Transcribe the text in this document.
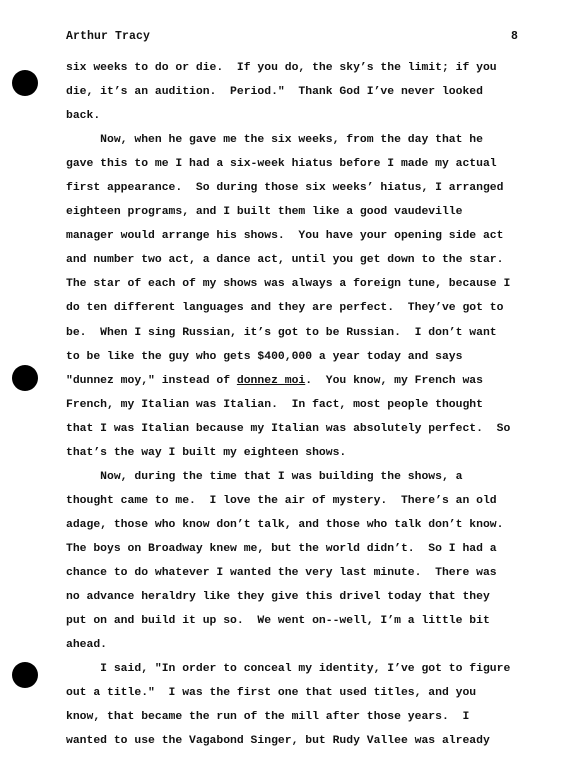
Arthur Tracy	8
six weeks to do or die.  If you do, the sky’s the limit; if you
die, it’s an audition.  Period."  Thank God I’ve never looked
back.
Now, when he gave me the six weeks, from the day that he
gave this to me I had a six-week hiatus before I made my actual
first appearance.  So during those six weeks’ hiatus, I arranged
eighteen programs, and I built them like a good vaudeville
manager would arrange his shows.  You have your opening side act
and number two act, a dance act, until you get down to the star.
The star of each of my shows was always a foreign tune, because I
do ten different languages and they are perfect.  They’ve got to
be.  When I sing Russian, it’s got to be Russian.  I don’t want
to be like the guy who gets $400,000 a year today and says
"dunnez moy," instead of donnez moi.  You know, my French was
French, my Italian was Italian.  In fact, most people thought
that I was Italian because my Italian was absolutely perfect.  So
that’s the way I built my eighteen shows.
Now, during the time that I was building the shows, a
thought came to me.  I love the air of mystery.  There’s an old
adage, those who know don’t talk, and those who talk don’t know.
The boys on Broadway knew me, but the world didn’t.  So I had a
chance to do whatever I wanted the very last minute.  There was
no advance heraldry like they give this drivel today that they
put on and build it up so.  We went on--well, I’m a little bit
ahead.
I said, "In order to conceal my identity, I’ve got to figure
out a title."  I was the first one that used titles, and you
know, that became the run of the mill after those years.  I
wanted to use the Vagabond Singer, but Rudy Vallee was already
